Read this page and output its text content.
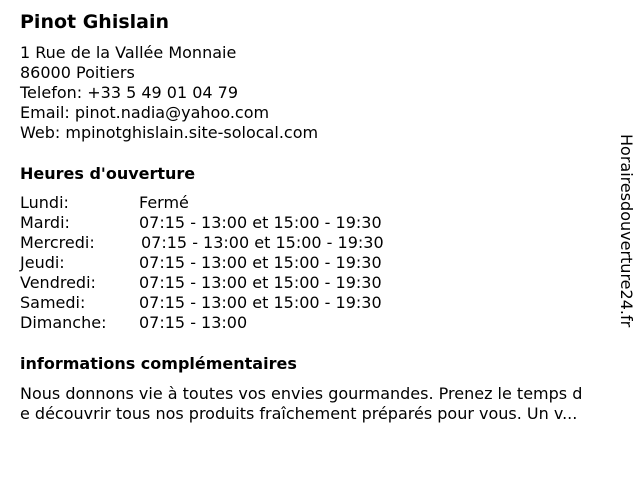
Pinot Ghislain
1 Rue de la Vallée Monnaie
86000 Poitiers
Telefon: +33 5 49 01 04 79
Email: pinot.nadia@yahoo.com
Web: mpinotghislain.site-solocal.com
Heures d'ouverture
Lundi:	Fermé
Mardi:	07:15 - 13:00 et 15:00 - 19:30
Mercredi:	07:15 - 13:00 et 15:00 - 19:30
Jeudi:	07:15 - 13:00 et 15:00 - 19:30
Vendredi:	07:15 - 13:00 et 15:00 - 19:30
Samedi:	07:15 - 13:00 et 15:00 - 19:30
Dimanche: 07:15 - 13:00
informations complémentaires
Nous donnons vie à toutes vos envies gourmandes. Prenez le temps d
e découvrir tous nos produits fraîchement préparés pour vous. Un v...
Horairesdouverture24.fr
